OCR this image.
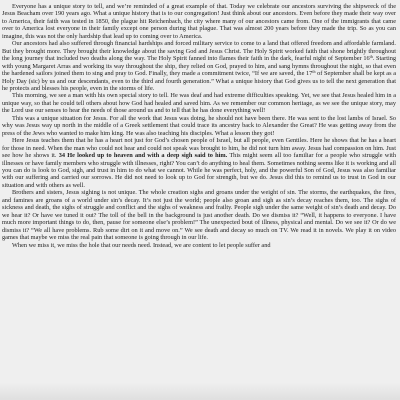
Everyone has a unique story to tell, and we’re reminded of a great example of that. Today we celebrate our ancestors surviving the shipwreck of the Jesus Beacham over 190 years ago. What a unique history that is to our congregation! Just think about our ancestors. Even before they made their way over to America, their faith was tested in 1850, the plague hit Reichenbach, the city where many of our ancestors came from. One of the immigrants that came over to America lost everyone in their family except one person during that plague. That was almost 200 years before they made the trip. So as you can imagine, this was not the only hardship that lead up to coming over to America.

Our ancestors had also suffered through financial hardships and forced military service to come to a land that offered freedom and affordable farmland. But they brought more. They brought their knowledge about the saving God and Jesus Christ. The Holy Spirit worked faith that shone brightly throughout the long journey that included two deaths along the way. The Holy Spirit fanned into flames their faith in the dark, fearful night of September 16th. Starting with young Margaret Arras and working its way throughout the ship, they relied on God, prayed to him, and sang hymns throughout the night, so that even the hardened sailors joined them to sing and pray to God. Finally, they made a commitment twice, “If we are saved, the 17th of September shall be kept as a Holy Day (sic) by us and our descendants, even to the third and fourth generation.” What a unique history that God gives us to tell the next generation that he protects and blesses his people, even in the storms of life.

This morning, we see a man with his own special story to tell. He was deaf and had extreme difficulties speaking. Yet, we see that Jesus healed him in a unique way, so that he could tell others about how God had healed and saved him. As we remember our common heritage, as we see the unique story, may the Lord use our senses to hear the needs of those around us and to tell that he has done everything well!

This was a unique situation for Jesus. For all the work that Jesus was doing, he should not have been there. He was sent to the lost lambs of Israel. So why was Jesus way up north in the middle of a Greek settlement that could trace its ancestry back to Alexander the Great? He was getting away from the press of the Jews who wanted to make him king. He was also teaching his disciples. What a lesson they got!

Here Jesus teaches them that he has a heart not just for God’s chosen people of Israel, but all people, even Gentiles. Here he shows that he has a heart for those in need. When the man who could not hear and could not speak was brought to him, he did not turn him away. Jesus had compassion on him. Just see how he shows it. 34 He looked up to heaven and with a deep sigh said to him. This might seem all too familiar for a people who struggle with illnesses or have family members who struggle with illnesses, right? You can’t do anything to heal them. Sometimes nothing seems like it is working and all you can do is look to God, sigh, and trust in him to do what we cannot. While he was perfect, holy, and the powerful Son of God, Jesus was also familiar with our suffering and carried our sorrows. He did not need to look up to God for strength, but we do. Jesus did this to remind us to trust in God in our situation and with others as well.

Brothers and sisters, Jesus sighing is not unique. The whole creation sighs and groans under the weight of sin. The storms, the earthquakes, the fires, and famines are groans of a world under sin’s decay. It’s not just the world; people also groan and sigh as sin’s decay reaches them, too. The sighs of sickness and death, the sighs of struggle and conflict and the sighs of weakness and frailty. People sigh under the same weight of sin’s death and decay. Do we hear it? Or have we tuned it out? The toll of the bell in the background is just another death. Do we dismiss it? “Well, it happens to everyone. I have much more important things to do, then, pause for someone else’s problem!” The unexpected bout of illness, physical and mental. Do we see it? Or do we dismiss it? “We all have problems. Rub some dirt on it and move on.” We see death and decay so much on TV. We read it in novels. We play it on video games that maybe we miss the real pain that someone is going through in our life.

When we miss it, we miss the hole that our needs need. Instead, we are content to let people suffer and
